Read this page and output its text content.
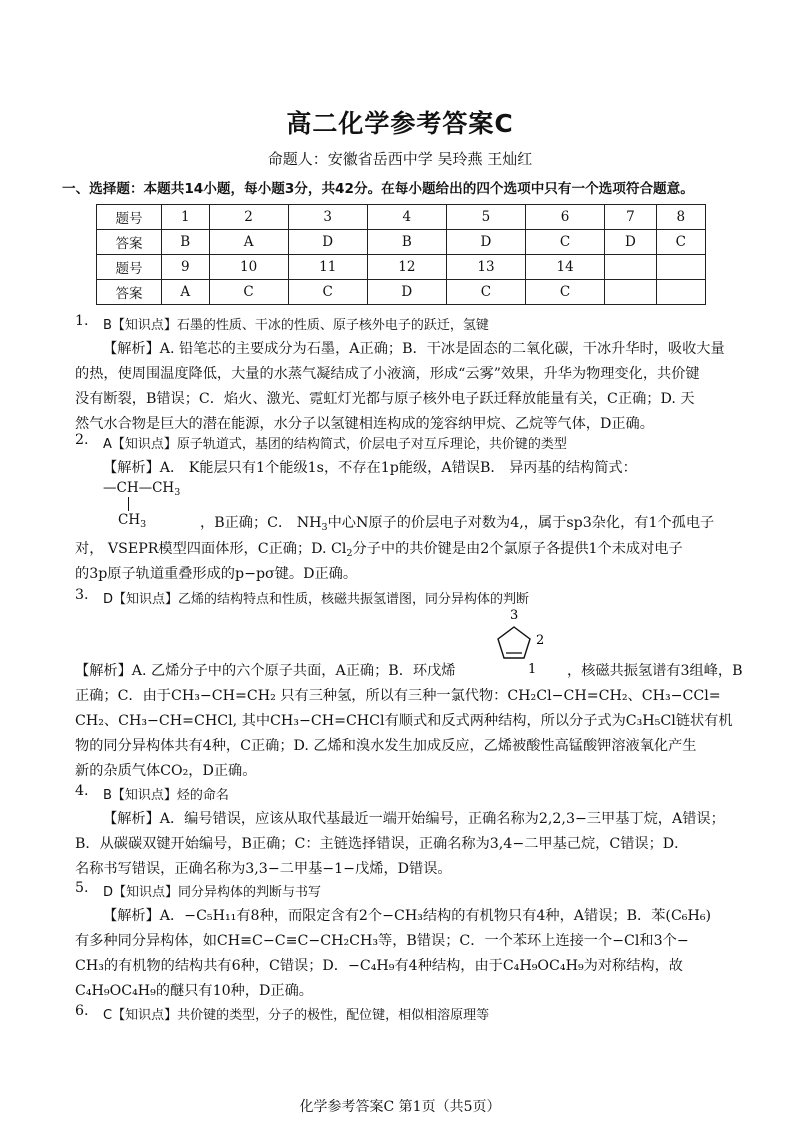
高二化学参考答案C
命题人：安徽省岳西中学 吴玲燕 王灿红
一、选择题：本题共14小题，每小题3分，共42分。在每小题给出的四个选项中只有一个选项符合题意。
题号	1	2	3	4	5	6	7	8
答案	B	A	D	B	D	C	D	C
题号	9	10	11	12	13	14		
答案	A	C	C	D	C	C		
1. B【知识点】石墨的性质、干冰的性质、原子核外电子的跃迁，氢键
【解析】A. 铅笔芯的主要成分为石墨，A正确；B．干冰是固态的二氧化碳，干冰升华时，吸收大量
的热，使周围温度降低，大量的水蒸气凝结成了小液滴，形成“云雾”效果，升华为物理变化，共价键
没有断裂，B错误；C．焰火、激光、霓虹灯光都与原子核外电子跃迁释放能量有关，C正确；D. 天
然气水合物是巨大的潜在能源，水分子以氢键相连构成的笼容纳甲烷、乙烷等气体，D正确。
2. A【知识点】原子轨道式，基团的结构简式，价层电子对互斥理论，共价键的类型
【解析】A． K能层只有1个能级1s，不存在1p能级，A错误B． 异丙基的结构简式：
$—CH—CH_3$
$CH_3$	，B正确；C． $NH_3$中心N原子的价层电子对数为4,，属于sp3杂化，有1个孤电子
对， VSEPR模型四面体形，C正确；D. $Cl_2$分子中的共价键是由2个氯原子各提供1个未成对电子
的3p原子轨道重叠形成的p−pσ键。D正确。
3. D【知识点】乙烯的结构特点和性质，核磁共振氢谱图，同分异构体的判断
3
2
1
【解析】A. 乙烯分子中的六个原子共面，A正确；B．环戊烯	，核磁共振氢谱有3组峰，B
正确；C．由于CH₃−CH=CH₂ 只有三种氢，所以有三种一氯代物：CH₂Cl−CH=CH₂、CH₃−CCl=
CH₂、CH₃−CH=CHCl, 其中CH₃−CH=CHCl有顺式和反式两种结构，所以分子式为C₃H₅Cl链状有机
物的同分异构体共有4种，C正确；D. 乙烯和溴水发生加成反应，乙烯被酸性高锰酸钾溶液氧化产生
新的杂质气体CO₂，D正确。
4. B【知识点】烃的命名
【解析】A．编号错误，应该从取代基最近一端开始编号，正确名称为2,2,3−三甲基丁烷，A错误；
B．从碳碳双键开始编号，B正确；C：主链选择错误，正确名称为3,4−二甲基己烷，C错误；D．
名称书写错误，正确名称为3,3−二甲基−1−戊烯，D错误。
5. D【知识点】同分异构体的判断与书写
【解析】A．−C₅H₁₁有8种，而限定含有2个−CH₃结构的有机物只有4种，A错误；B．苯(C₆H₆)
有多种同分异构体，如CH≡C−C≡C−CH₂CH₃等，B错误；C．一个苯环上连接一个−Cl和3个−
CH₃的有机物的结构共有6种，C错误；D．−C₄H₉有4种结构，由于C₄H₉OC₄H₉为对称结构，故
C₄H₉OC₄H₉的醚只有10种，D正确。
6. C【知识点】共价键的类型，分子的极性，配位键，相似相溶原理等
化学参考答案C 第1页（共5页）
